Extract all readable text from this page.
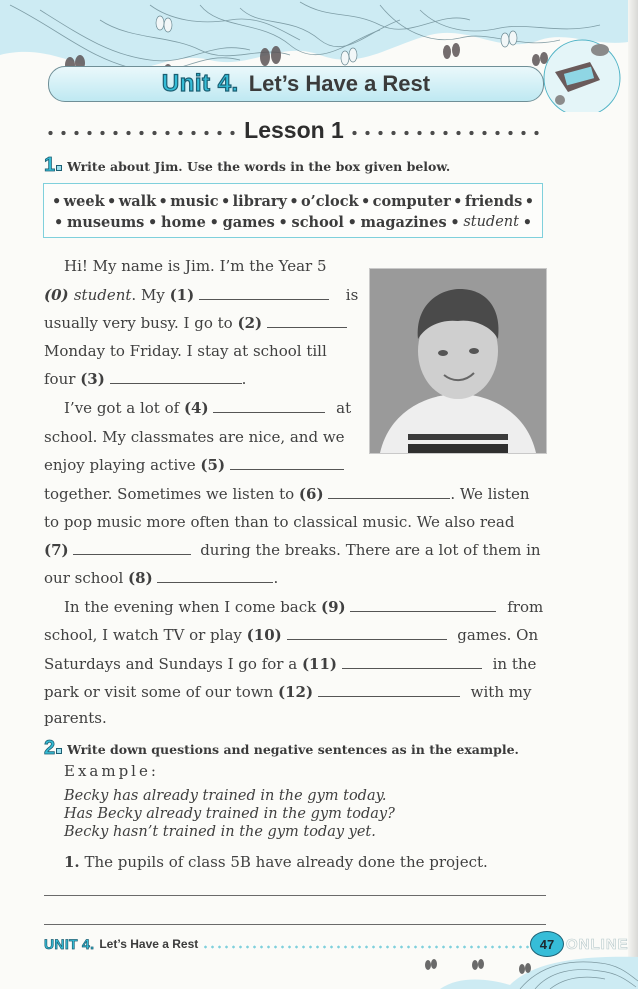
Unit 4. Let’s Have a Rest
Lesson 1
1 Write about Jim. Use the words in the box given below.
• week • walk • music • library • o’clock • computer • friends •
• museums • home • games • school • magazines • student •
Hi! My name is Jim. I’m the Year 5
(0) student. My (1)	is
usually very busy. I go to (2)
Monday to Friday. I stay at school till
four (3)	.
I’ve got a lot of (4)	at
school. My classmates are nice, and we
enjoy playing active (5)
together. Sometimes we listen to (6)	. We listen
to pop music more often than to classical music. We also read
(7)	during the breaks. There are a lot of them in
our school (8)	.
In the evening when I come back (9)	from
school, I watch TV or play (10)	games. On
Saturdays and Sundays I go for a (11)	in the
park or visit some of our town (12)	with my
parents.
2 Write down questions and negative sentences as in the example.
Example:
Becky has already trained in the gym today.
Has Becky already trained in the gym today?
Becky hasn’t trained in the gym today yet.
1. The pupils of class 5B have already done the project.
UNIT 4. Let’s Have a Rest	47 ONLINE
